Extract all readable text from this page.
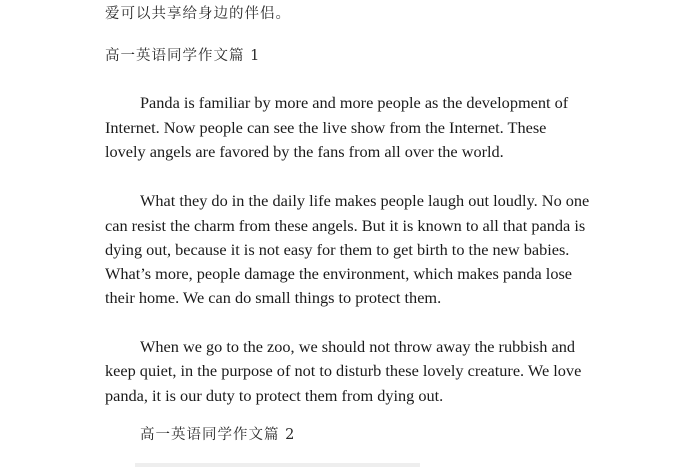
爱可以共享给身边的伴侣。
高一英语同学作文篇 1
Panda is familiar by more and more people as the development of
Internet. Now people can see the live show from the Internet. These
lovely angels are favored by the fans from all over the world.
What they do in the daily life makes people laugh out loudly. No one
can resist the charm from these angels. But it is known to all that panda is
dying out, because it is not easy for them to get birth to the new babies.
What’s more, people damage the environment, which makes panda lose
their home. We can do small things to protect them.
When we go to the zoo, we should not throw away the rubbish and
keep quiet, in the purpose of not to disturb these lovely creature. We love
panda, it is our duty to protect them from dying out.
高一英语同学作文篇 2
